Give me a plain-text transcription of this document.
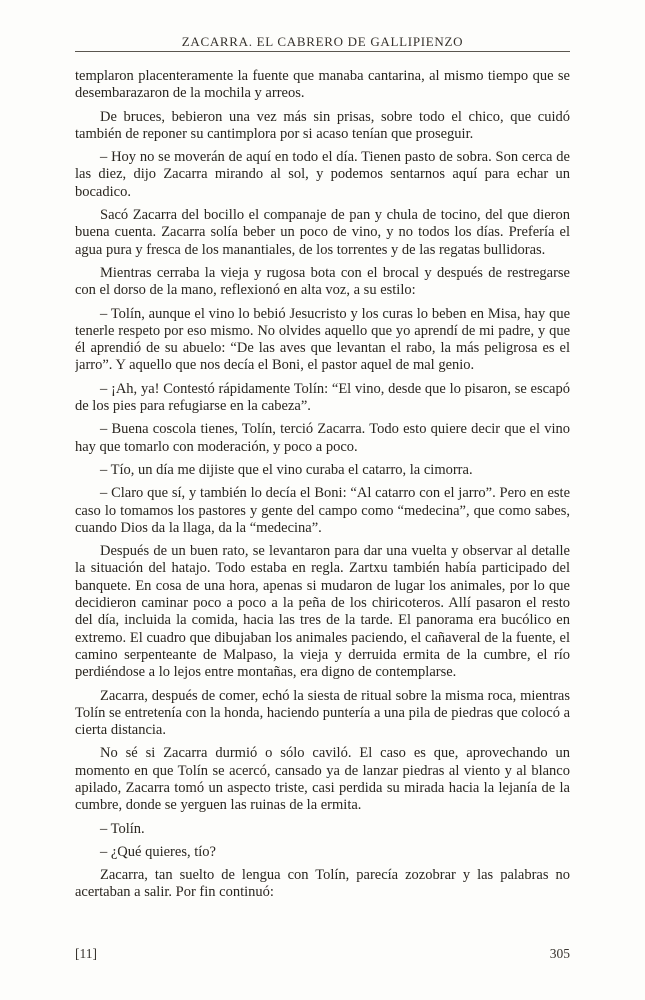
ZACARRA. EL CABRERO DE GALLIPIENZO

templaron placenteramente la fuente que manaba cantarina, al mismo tiempo que se desembarazaron de la mochila y arreos.

De bruces, bebieron una vez más sin prisas, sobre todo el chico, que cuidó también de reponer su cantimplora por si acaso tenían que proseguir.

– Hoy no se moverán de aquí en todo el día. Tienen pasto de sobra. Son cerca de las diez, dijo Zacarra mirando al sol, y podemos sentarnos aquí para echar un bocadico.

Sacó Zacarra del bocillo el companaje de pan y chula de tocino, del que dieron buena cuenta. Zacarra solía beber un poco de vino, y no todos los días. Prefería el agua pura y fresca de los manantiales, de los torrentes y de las regatas bullidoras.

Mientras cerraba la vieja y rugosa bota con el brocal y después de restregarse con el dorso de la mano, reflexionó en alta voz, a su estilo:

– Tolín, aunque el vino lo bebió Jesucristo y los curas lo beben en Misa, hay que tenerle respeto por eso mismo. No olvides aquello que yo aprendí de mi padre, y que él aprendió de su abuelo: “De las aves que levantan el rabo, la más peligrosa es el jarro”. Y aquello que nos decía el Boni, el pastor aquel de mal genio.

– ¡Ah, ya! Contestó rápidamente Tolín: “El vino, desde que lo pisaron, se escapó de los pies para refugiarse en la cabeza”.

– Buena coscola tienes, Tolín, terció Zacarra. Todo esto quiere decir que el vino hay que tomarlo con moderación, y poco a poco.

– Tío, un día me dijiste que el vino curaba el catarro, la cimorra.

– Claro que sí, y también lo decía el Boni: “Al catarro con el jarro”. Pero en este caso lo tomamos los pastores y gente del campo como “medecina”, que como sabes, cuando Dios da la llaga, da la “medecina”.

Después de un buen rato, se levantaron para dar una vuelta y observar al detalle la situación del hatajo. Todo estaba en regla. Zartxu también había participado del banquete. En cosa de una hora, apenas si mudaron de lugar los animales, por lo que decidieron caminar poco a poco a la peña de los chiricoteros. Allí pasaron el resto del día, incluida la comida, hacia las tres de la tarde. El panorama era bucólico en extremo. El cuadro que dibujaban los animales paciendo, el cañaveral de la fuente, el camino serpenteante de Malpaso, la vieja y derruida ermita de la cumbre, el río perdiéndose a lo lejos entre montañas, era digno de contemplarse.

Zacarra, después de comer, echó la siesta de ritual sobre la misma roca, mientras Tolín se entretenía con la honda, haciendo puntería a una pila de piedras que colocó a cierta distancia.

No sé si Zacarra durmió o sólo caviló. El caso es que, aprovechando un momento en que Tolín se acercó, cansado ya de lanzar piedras al viento y al blanco apilado, Zacarra tomó un aspecto triste, casi perdida su mirada hacia la lejanía de la cumbre, donde se yerguen las ruinas de la ermita.

– Tolín.

– ¿Qué quieres, tío?

Zacarra, tan suelto de lengua con Tolín, parecía zozobrar y las palabras no acertaban a salir. Por fin continuó:

[11]	305
